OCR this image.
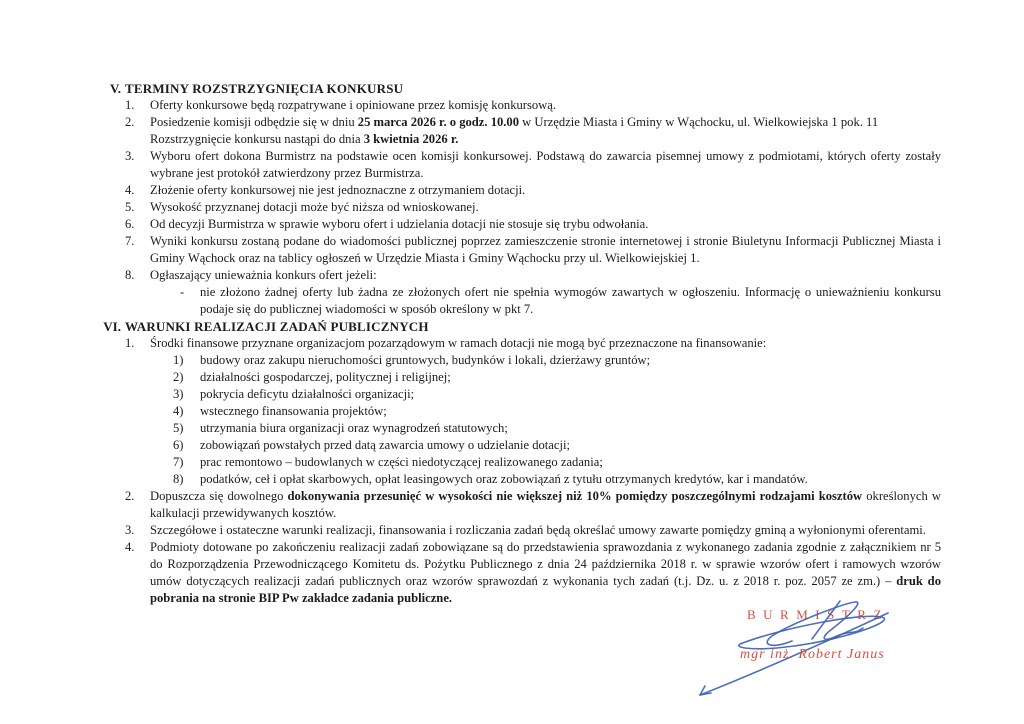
V. TERMINY ROZSTRZYGNIĘCIA KONKURSU
1.	Oferty konkursowe będą rozpatrywane i opiniowane przez komisję konkursową.
2.	Posiedzenie komisji odbędzie się w dniu 25 marca 2026 r. o godz. 10.00 w Urzędzie Miasta i Gminy w Wąchocku, ul. Wielkowiejska 1 pok. 11
Rozstrzygnięcie konkursu nastąpi do dnia 3 kwietnia 2026 r.
3.	Wyboru ofert dokona Burmistrz na podstawie ocen komisji konkursowej. Podstawą do zawarcia pisemnej umowy z podmiotami, których oferty zostały wybrane jest protokół zatwierdzony przez Burmistrza.
4.	Złożenie oferty konkursowej nie jest jednoznaczne z otrzymaniem dotacji.
5.	Wysokość przyznanej dotacji może być niższa od wnioskowanej.
6.	Od decyzji Burmistrza w sprawie wyboru ofert i udzielania dotacji nie stosuje się trybu odwołania.
7.	Wyniki konkursu zostaną podane do wiadomości publicznej poprzez zamieszczenie stronie internetowej i stronie Biuletynu Informacji Publicznej Miasta i Gminy Wąchock oraz na tablicy ogłoszeń w Urzędzie Miasta i Gminy Wąchocku przy ul. Wielkowiejskiej 1.
8.	Ogłaszający unieważnia konkurs ofert jeżeli:
-	nie złożono żadnej oferty lub żadna ze złożonych ofert nie spełnia wymogów zawartych w ogłoszeniu. Informację o unieważnieniu konkursu podaje się do publicznej wiadomości w sposób określony w pkt 7.
VI. WARUNKI REALIZACJI ZADAŃ PUBLICZNYCH
1.	Środki finansowe przyznane organizacjom pozarządowym w ramach dotacji nie mogą być przeznaczone na finansowanie:
1)	budowy oraz zakupu nieruchomości gruntowych, budynków i lokali, dzierżawy gruntów;
2)	działalności gospodarczej, politycznej i religijnej;
3)	pokrycia deficytu działalności organizacji;
4)	wstecznego finansowania projektów;
5)	utrzymania biura organizacji oraz wynagrodzeń statutowych;
6)	zobowiązań powstałych przed datą zawarcia umowy o udzielanie dotacji;
7)	prac remontowo – budowlanych w części niedotyczącej realizowanego zadania;
8)	podatków, ceł i opłat skarbowych, opłat leasingowych oraz zobowiązań z tytułu otrzymanych kredytów, kar i mandatów.
2.	Dopuszcza się dowolnego dokonywania przesunięć w wysokości nie większej niż 10% pomiędzy poszczególnymi rodzajami kosztów określonych w kalkulacji przewidywanych kosztów.
3.	Szczegółowe i ostateczne warunki realizacji, finansowania i rozliczania zadań będą określać umowy zawarte pomiędzy gminą a wyłonionymi oferentami.
4.	Podmioty dotowane po zakończeniu realizacji zadań zobowiązane są do przedstawienia sprawozdania z wykonanego zadania zgodnie z załącznikiem nr 5 do Rozporządzenia Przewodniczącego Komitetu ds. Pożytku Publicznego z dnia 24 października 2018 r. w sprawie wzorów ofert i ramowych wzorów umów dotyczących realizacji zadań publicznych oraz wzorów sprawozdań z wykonania tych zadań (t.j. Dz. u. z 2018 r. poz. 2057 ze zm.) – druk do pobrania na stronie BIP Pw zakładce zadania publiczne.
BURMISTRZ
mgr inż. Robert Janus
